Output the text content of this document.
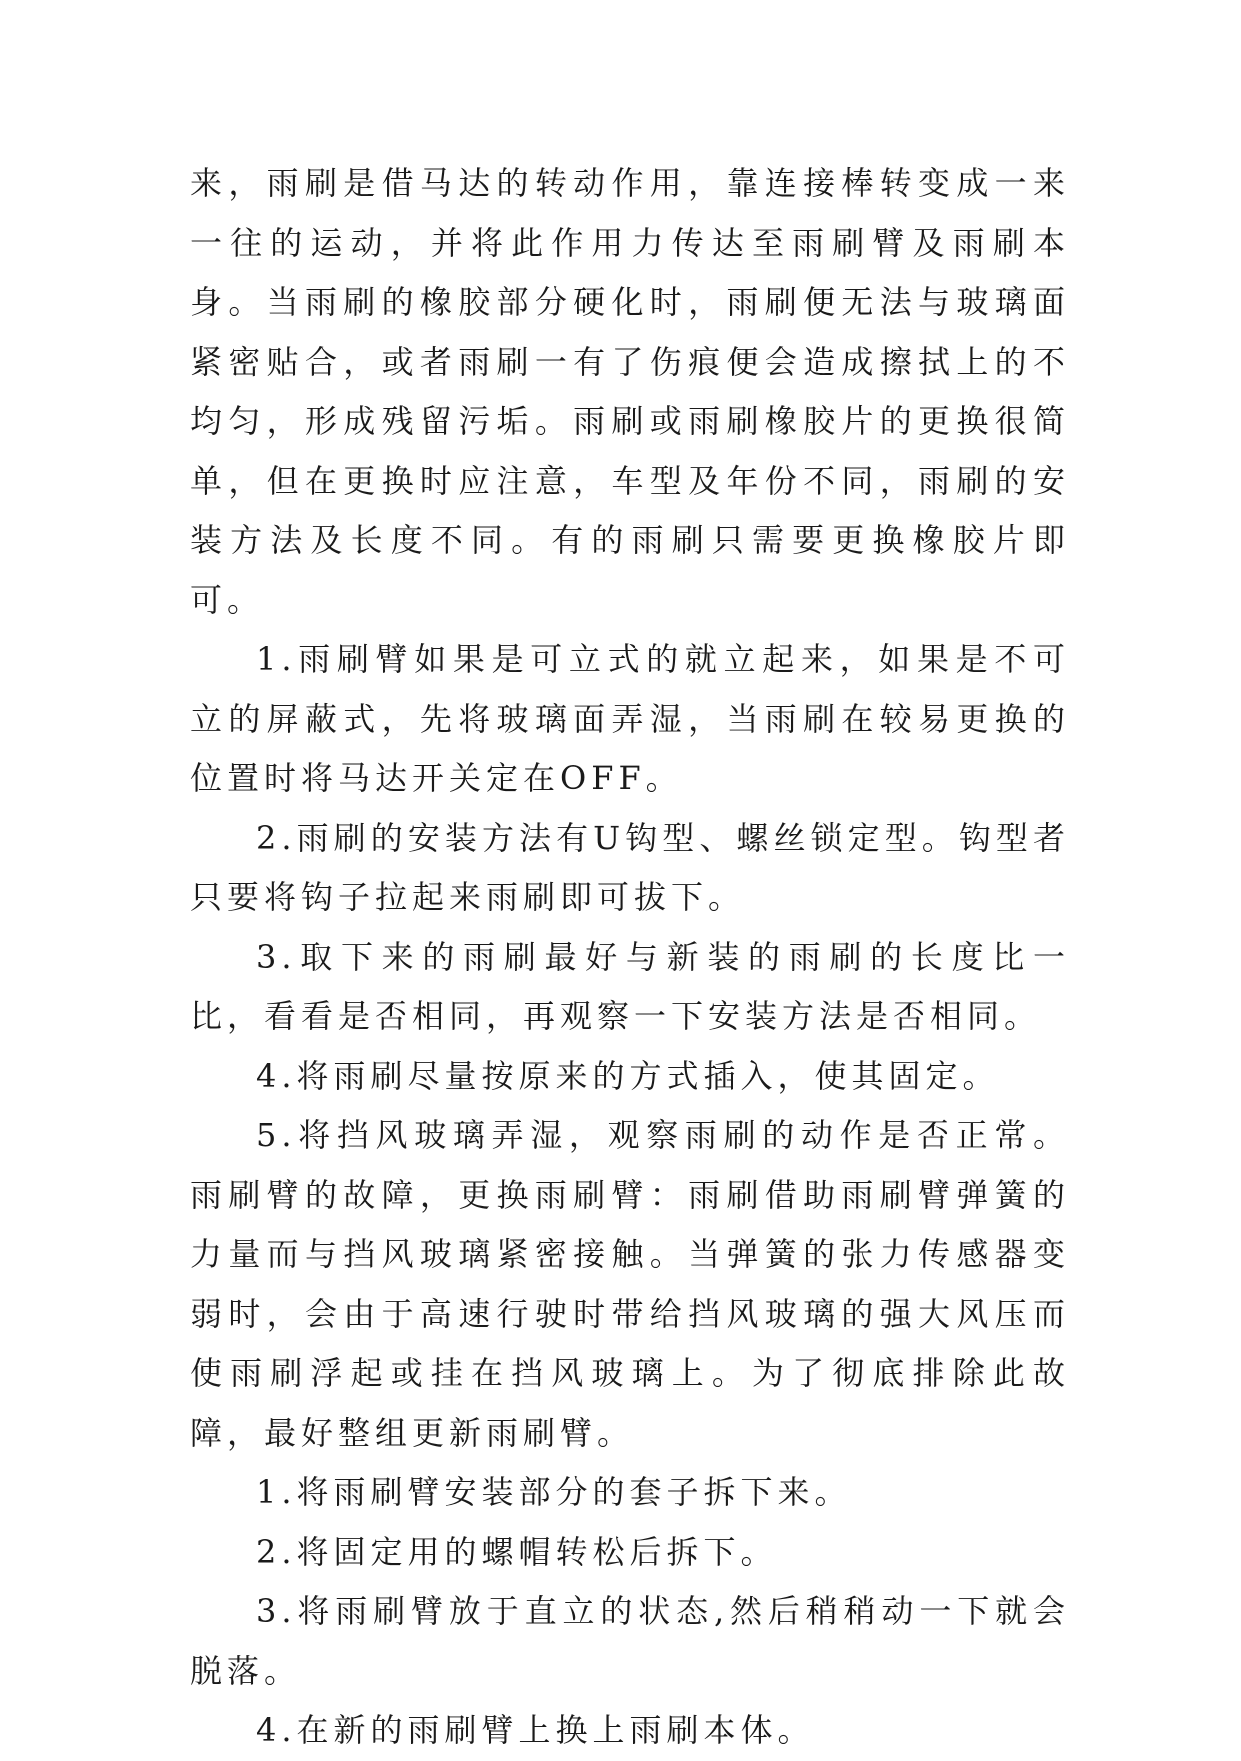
来，雨刷是借马达的转动作用，靠连接棒转变成一来一往的运动，并将此作用力传达至雨刷臂及雨刷本身。当雨刷的橡胶部分硬化时，雨刷便无法与玻璃面紧密贴合，或者雨刷一有了伤痕便会造成擦拭上的不均匀，形成残留污垢。雨刷或雨刷橡胶片的更换很简单，但在更换时应注意，车型及年份不同，雨刷的安装方法及长度不同。有的雨刷只需要更换橡胶片即可。

1.雨刷臂如果是可立式的就立起来，如果是不可立的屏蔽式，先将玻璃面弄湿，当雨刷在较易更换的位置时将马达开关定在OFF。

2.雨刷的安装方法有U钩型、螺丝锁定型。钩型者只要将钩子拉起来雨刷即可拔下。

3.取下来的雨刷最好与新装的雨刷的长度比一比，看看是否相同，再观察一下安装方法是否相同。

4.将雨刷尽量按原来的方式插入，使其固定。

5.将挡风玻璃弄湿，观察雨刷的动作是否正常。雨刷臂的故障，更换雨刷臂：雨刷借助雨刷臂弹簧的力量而与挡风玻璃紧密接触。当弹簧的张力传感器变弱时，会由于高速行驶时带给挡风玻璃的强大风压而使雨刷浮起或挂在挡风玻璃上。为了彻底排除此故障，最好整组更新雨刷臂。

1.将雨刷臂安装部分的套子拆下来。

2.将固定用的螺帽转松后拆下。

3.将雨刷臂放于直立的状态,然后稍稍动一下就会脱落。

4.在新的雨刷臂上换上雨刷本体。
